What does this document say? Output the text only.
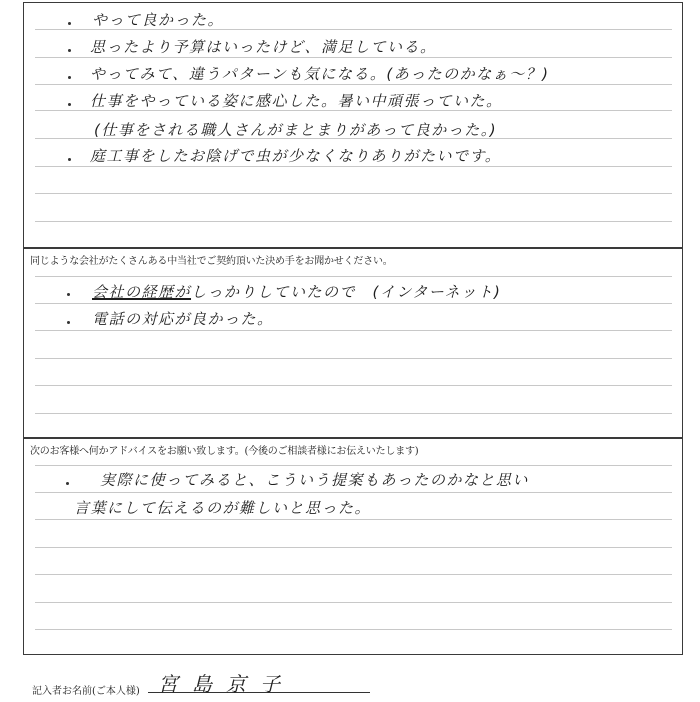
やって良かった。
思ったより予算はいったけど、満足している。
やってみて、違うパターンも気になる。(あったのかなぁ～？)
仕事をやっている姿に感心した。暑い中頑張っていた。
(仕事をされる職人さんがまとまりがあって良かった。)
庭工事をしたお陰げで虫が少なくなりありがたいです。
同じような会社がたくさんある中当社でご契約頂いた決め手をお聞かせください。
会社の経歴がしっかりしていたので　(インターネット)
電話の対応が良かった。
次のお客様へ何かアドバイスをお願い致します。(今後のご相談者様にお伝えいたします)
実際に使ってみると、こういう提案もあったのかなと思い
言葉にして伝えるのが難しいと思った。
記入者お名前(ご本人様) 宮島京子
